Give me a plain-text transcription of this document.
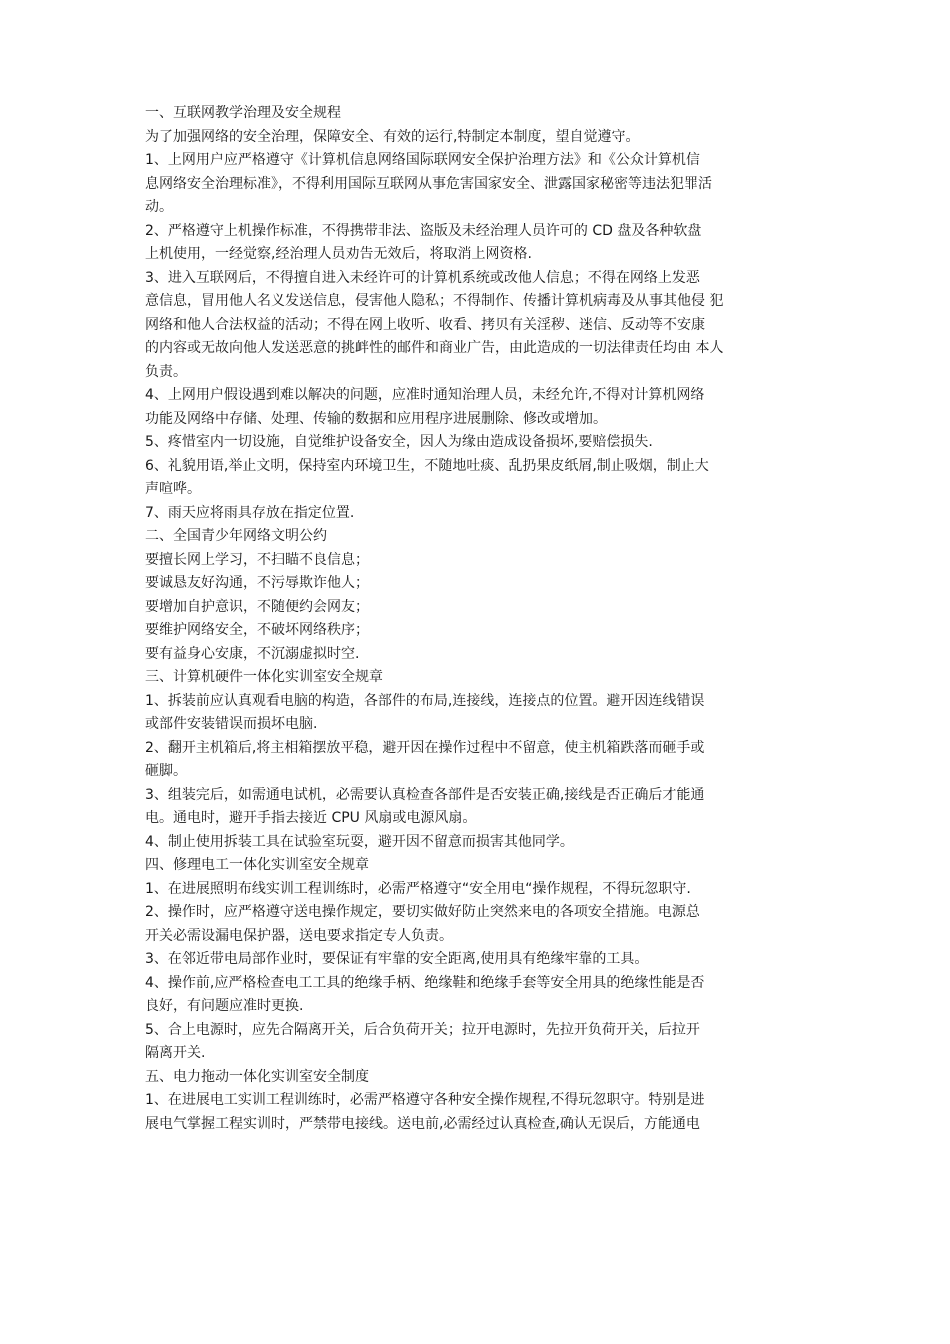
一、互联网教学治理及安全规程
为了加强网络的安全治理，保障安全、有效的运行,特制定本制度，望自觉遵守。
1、上网用户应严格遵守《计算机信息网络国际联网安全保护治理方法》和《公众计算机信
息网络安全治理标准》，不得利用国际互联网从事危害国家安全、泄露国家秘密等违法犯罪活
动。
2、严格遵守上机操作标准，不得携带非法、盗版及未经治理人员许可的 CD 盘及各种软盘
上机使用，一经觉察,经治理人员劝告无效后，将取消上网资格.
3、进入互联网后，不得擅自进入未经许可的计算机系统或改他人信息；不得在网络上发恶
意信息，冒用他人名义发送信息，侵害他人隐私；不得制作、传播计算机病毒及从事其他侵 犯
网络和他人合法权益的活动；不得在网上收听、收看、拷贝有关淫秽、迷信、反动等不安康
的内容或无故向他人发送恶意的挑衅性的邮件和商业广告，由此造成的一切法律责任均由 本人
负责。
4、上网用户假设遇到难以解决的问题，应准时通知治理人员，未经允许,不得对计算机网络
功能及网络中存储、处理、传输的数据和应用程序进展删除、修改或增加。
5、疼惜室内一切设施，自觉维护设备安全，因人为缘由造成设备损坏,要赔偿损失.
6、礼貌用语,举止文明，保持室内环境卫生，不随地吐痰、乱扔果皮纸屑,制止吸烟，制止大
声喧哗。
7、雨天应将雨具存放在指定位置.
二、全国青少年网络文明公约
要擅长网上学习，不扫瞄不良信息；
要诚恳友好沟通，不污辱欺诈他人；
要增加自护意识，不随便约会网友；
要维护网络安全，不破坏网络秩序；
要有益身心安康，不沉溺虚拟时空.
三、计算机硬件一体化实训室安全规章
1、拆装前应认真观看电脑的构造，各部件的布局,连接线，连接点的位置。避开因连线错误
或部件安装错误而损坏电脑.
2、翻开主机箱后,将主相箱摆放平稳，避开因在操作过程中不留意，使主机箱跌落而砸手或
砸脚。
3、组装完后，如需通电试机，必需要认真检查各部件是否安装正确,接线是否正确后才能通
电。通电时，避开手指去接近 CPU 风扇或电源风扇。
4、制止使用拆装工具在试验室玩耍，避开因不留意而损害其他同学。
四、修理电工一体化实训室安全规章
1、在进展照明布线实训工程训练时，必需严格遵守“安全用电“操作规程，不得玩忽职守.
2、操作时，应严格遵守送电操作规定，要切实做好防止突然来电的各项安全措施。电源总
开关必需设漏电保护器，送电要求指定专人负责。
3、在邻近带电局部作业时，要保证有牢靠的安全距离,使用具有绝缘牢靠的工具。
4、操作前,应严格检查电工工具的绝缘手柄、绝缘鞋和绝缘手套等安全用具的绝缘性能是否
良好，有问题应准时更换.
5、合上电源时，应先合隔离开关，后合负荷开关；拉开电源时，先拉开负荷开关，后拉开
隔离开关.
五、电力拖动一体化实训室安全制度
1、在进展电工实训工程训练时，必需严格遵守各种安全操作规程,不得玩忽职守。特别是进
展电气掌握工程实训时，严禁带电接线。送电前,必需经过认真检查,确认无误后，方能通电
